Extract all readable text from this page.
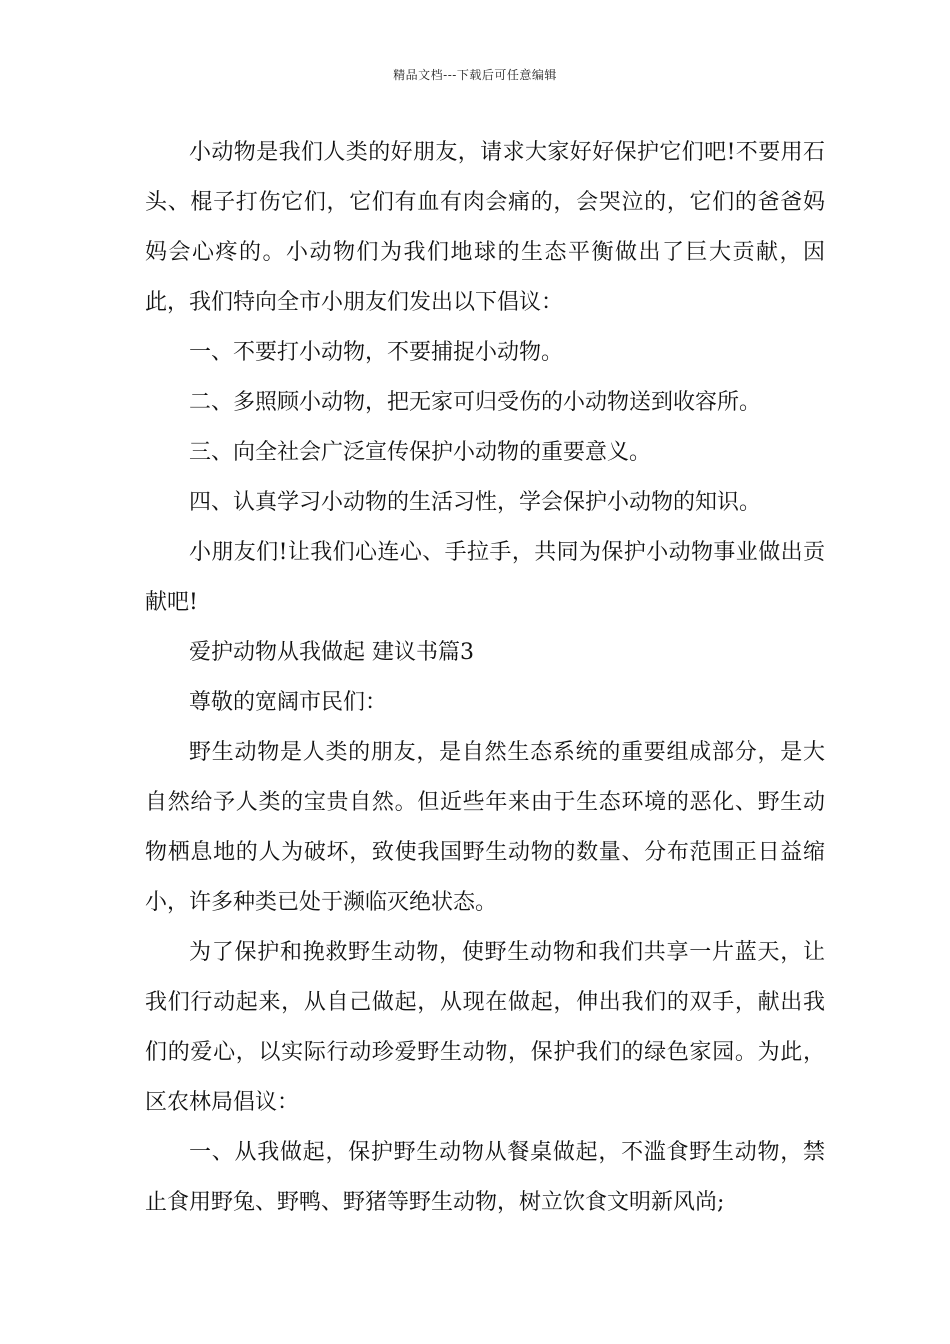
精品文档---下载后可任意编辑

小动物是我们人类的好朋友，请求大家好好保护它们吧!不要用石头、棍子打伤它们，它们有血有肉会痛的，会哭泣的，它们的爸爸妈妈会心疼的。小动物们为我们地球的生态平衡做出了巨大贡献，因此，我们特向全市小朋友们发出以下倡议：

一、不要打小动物，不要捕捉小动物。

二、多照顾小动物，把无家可归受伤的小动物送到收容所。

三、向全社会广泛宣传保护小动物的重要意义。

四、认真学习小动物的生活习性，学会保护小动物的知识。

小朋友们!让我们心连心、手拉手，共同为保护小动物事业做出贡献吧!

爱护动物从我做起 建议书篇3

尊敬的宽阔市民们：

野生动物是人类的朋友，是自然生态系统的重要组成部分，是大自然给予人类的宝贵自然。但近些年来由于生态环境的恶化、野生动物栖息地的人为破坏，致使我国野生动物的数量、分布范围正日益缩小，许多种类已处于濒临灭绝状态。

为了保护和挽救野生动物，使野生动物和我们共享一片蓝天，让我们行动起来，从自己做起，从现在做起，伸出我们的双手，献出我们的爱心，以实际行动珍爱野生动物，保护我们的绿色家园。为此，区农林局倡议：

一、从我做起，保护野生动物从餐桌做起，不滥食野生动物，禁止食用野兔、野鸭、野猪等野生动物，树立饮食文明新风尚;
